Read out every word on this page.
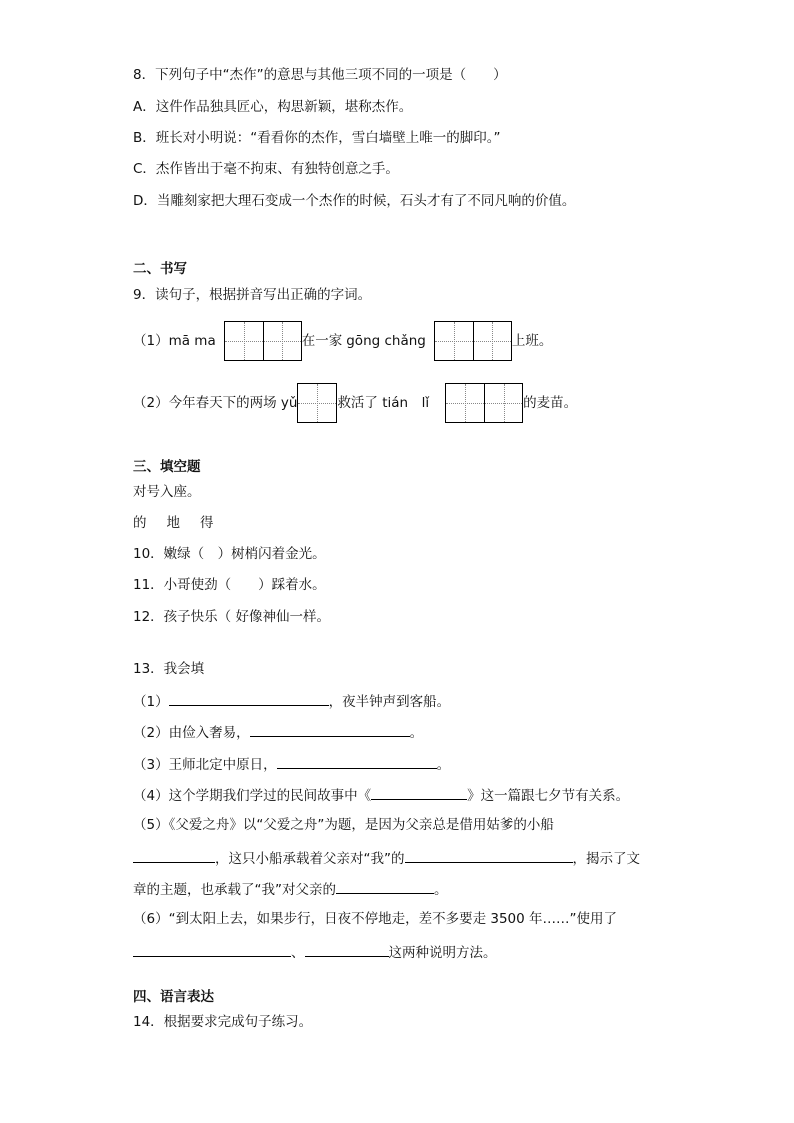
8．下列句子中“杰作”的意思与其他三项不同的一项是（　　）
A．这件作品独具匠心，构思新颖，堪称杰作。
B．班长对小明说：“看看你的杰作，雪白墙壁上唯一的脚印。”
C．杰作皆出于毫不拘束、有独特创意之手。
D．当雕刻家把大理石变成一个杰作的时候，石头才有了不同凡响的价值。
二、书写
9．读句子，根据拼音写出正确的字词。
（1）mā ma	在一家 gōng chǎng	上班。
（2）今年春天下的两场 yǔ	救活了 tián　lǐ	的麦苗。
三、填空题
对号入座。
的 地 得
10．嫩绿（　）树梢闪着金光。
11．小哥使劲（　　）踩着水。
12．孩子快乐（ 好像神仙一样。
13．我会填
（1）	，夜半钟声到客船。
（2）由俭入奢易，	。
（3）王师北定中原日，	。
（4）这个学期我们学过的民间故事中《	》这一篇跟七夕节有关系。
（5）《父爱之舟》以“父爱之舟”为题，是因为父亲总是借用姑爹的小船
，这只小船承载着父亲对“我”的	，揭示了文
章的主题，也承载了“我”对父亲的	。
（6）“到太阳上去，如果步行，日夜不停地走，差不多要走 3500 年……”使用了
、	这两种说明方法。
四、语言表达
14．根据要求完成句子练习。
